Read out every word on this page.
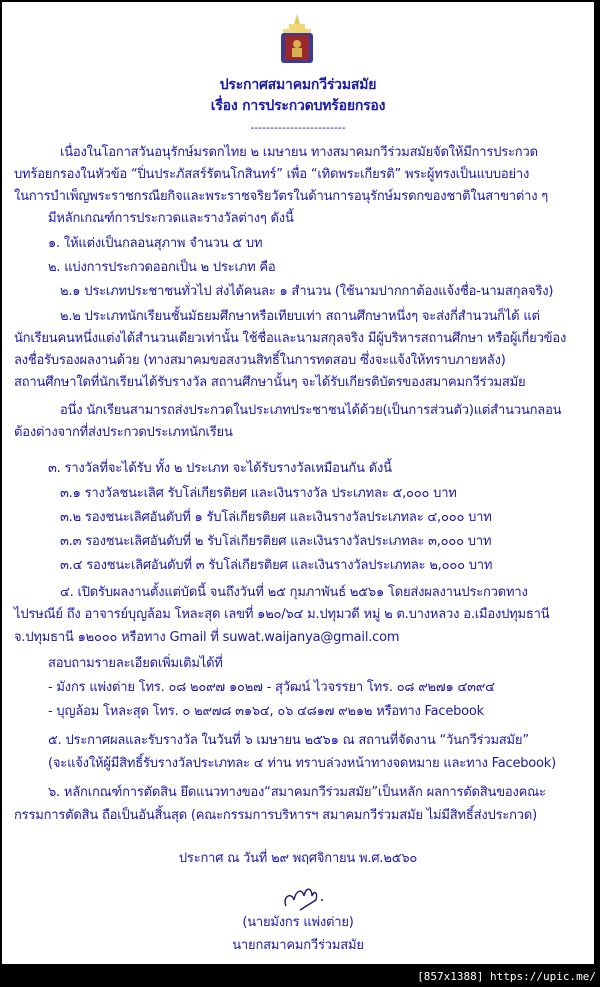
ประกาศสมาคมกวีร่วมสมัย
เรื่อง การประกวดบทร้อยกรอง
------------------------
เนื่องในโอกาสวันอนุรักษ์มรดกไทย ๒ เมษายน ทางสมาคมกวีร่วมสมัยจัดให้มีการประกวด
บทร้อยกรองในหัวข้อ “ปิ่นประภัสสร์รัตนโกสินทร์” เพื่อ “เทิดพระเกียรติ” พระผู้ทรงเป็นแบบอย่าง
ในการบำเพ็ญพระราชกรณียกิจและพระราชจริยวัตรในด้านการอนุรักษ์มรดกของชาติในสาขาต่าง ๆ
มีหลักเกณฑ์การประกวดและรางวัลต่างๆ ดังนี้
๑. ให้แต่งเป็นกลอนสุภาพ จำนวน ๕ บท
๒. แบ่งการประกวดออกเป็น ๒ ประเภท คือ
๒.๑ ประเภทประชาชนทั่วไป ส่งได้คนละ ๑ สำนวน (ใช้นามปากกาต้องแจ้งชื่อ-นามสกุลจริง)
๒.๒ ประเภทนักเรียนชั้นมัธยมศึกษาหรือเทียบเท่า สถานศึกษาหนึ่งๆ จะส่งกี่สำนวนก็ได้ แต่
นักเรียนคนหนึ่งแต่งได้สำนวนเดียวเท่านั้น ใช้ชื่อและนามสกุลจริง มีผู้บริหารสถานศึกษา หรือผู้เกี่ยวข้อง
ลงชื่อรับรองผลงานด้วย (ทางสมาคมขอสงวนสิทธิ์ในการทดสอบ ซึ่งจะแจ้งให้ทราบภายหลัง)
สถานศึกษาใดที่นักเรียนได้รับรางวัล สถานศึกษานั้นๆ จะได้รับเกียรติบัตรของสมาคมกวีร่วมสมัย
อนึ่ง นักเรียนสามารถส่งประกวดในประเภทประชาชนได้ด้วย(เป็นการส่วนตัว)แต่สำนวนกลอน
ต้องต่างจากที่ส่งประกวดประเภทนักเรียน
๓. รางวัลที่จะได้รับ ทั้ง ๒ ประเภท จะได้รับรางวัลเหมือนกัน ดังนี้
๓.๑ รางวัลชนะเลิศ รับโล่เกียรติยศ และเงินรางวัล ประเภทละ ๕,๐๐๐ บาท
๓.๒ รองชนะเลิศอันดับที่ ๑ รับโล่เกียรติยศ และเงินรางวัลประเภทละ ๔,๐๐๐ บาท
๓.๓ รองชนะเลิศอันดับที่ ๒ รับโล่เกียรติยศ และเงินรางวัลประเภทละ ๓,๐๐๐ บาท
๓.๔ รองชนะเลิศอันดับที่ ๓ รับโล่เกียรติยศ และเงินรางวัลประเภทละ ๒,๐๐๐ บาท
๔. เปิดรับผลงานตั้งแต่บัดนี้ จนถึงวันที่ ๒๕ กุมภาพันธ์ ๒๕๖๑ โดยส่งผลงานประกวดทาง
ไปรษณีย์ ถึง อาจารย์บุญล้อม โหละสุด เลขที่ ๑๒๐/๖๔ ม.ปทุมวดี หมู่ ๒ ต.บางหลวง อ.เมืองปทุมธานี
จ.ปทุมธานี ๑๒๐๐๐ หรือทาง Gmail ที่ suwat.waijanya@gmail.com
สอบถามรายละเอียดเพิ่มเติมได้ที่
- มังกร แพ่งต่าย โทร. ๐๘ ๒๐๙๗ ๑๐๒๗ - สุวัฒน์ ไวจรรยา โทร. ๐๘ ๙๒๗๑ ๔๓๙๔
- บุญล้อม โหละสุด โทร. ๐ ๒๙๗๘ ๓๑๖๔, ๐๖ ๔๘๑๗ ๙๒๑๒ หรือทาง Facebook
๕. ประกาศผลและรับรางวัล ในวันที่ ๖ เมษายน ๒๕๖๑ ณ สถานที่จัดงาน “วันกวีร่วมสมัย”
(จะแจ้งให้ผู้มีสิทธิ์รับรางวัลประเภทละ ๔ ท่าน ทราบล่วงหน้าทางจดหมาย และทาง Facebook)
๖. หลักเกณฑ์การตัดสิน ยึดแนวทางของ“สมาคมกวีร่วมสมัย”เป็นหลัก ผลการตัดสินของคณะ
กรรมการตัดสิน ถือเป็นอันสิ้นสุด (คณะกรรมการบริหารฯ สมาคมกวีร่วมสมัย ไม่มีสิทธิ์ส่งประกวด)
ประกาศ ณ วันที่ ๒๙ พฤศจิกายน พ.ศ.๒๕๖๐
(นายมังกร แพ่งต่าย)
นายกสมาคมกวีร่วมสมัย
[857x1388] https://upic.me/
